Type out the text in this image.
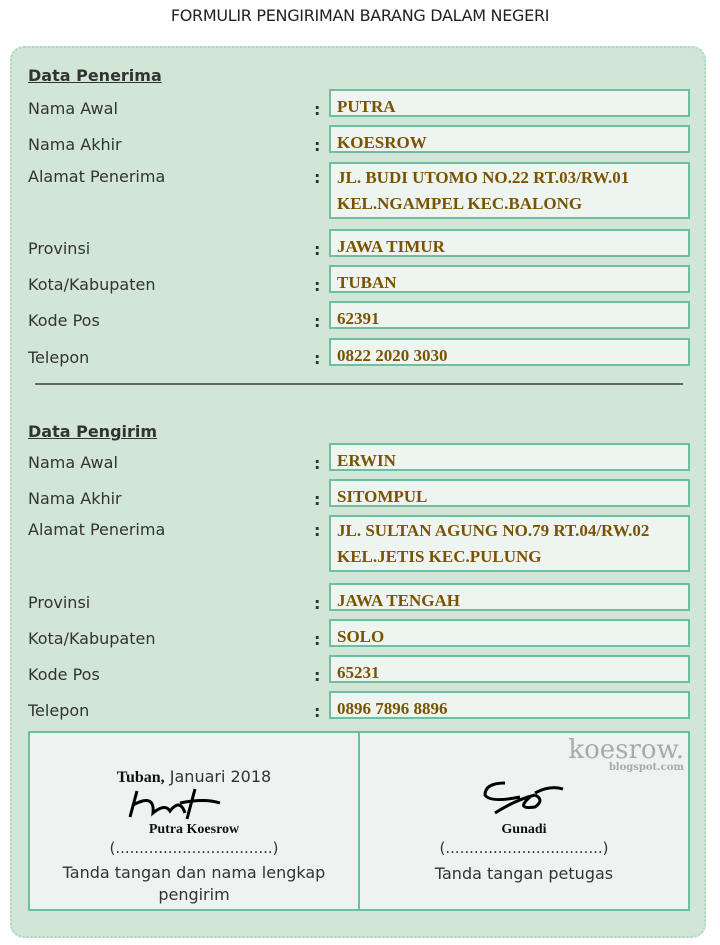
FORMULIR PENGIRIMAN BARANG DALAM NEGERI
Data Penerima
Nama Awal	: PUTRA
Nama Akhir	: KOESROW
Alamat Penerima	: JL. BUDI UTOMO NO.22 RT.03/RW.01
KEL.NGAMPEL KEC.BALONG
Provinsi	: JAWA TIMUR
Kota/Kabupaten	: TUBAN
Kode Pos	: 62391
Telepon	: 0822 2020 3030
Data Pengirim
Nama Awal	: ERWIN
Nama Akhir	: SITOMPUL
Alamat Penerima	: JL. SULTAN AGUNG NO.79 RT.04/RW.02
KEL.JETIS KEC.PULUNG
Provinsi	: JAWA TENGAH
Kota/Kabupaten	: SOLO
Kode Pos	: 65231
Telepon	: 0896 7896 8896
Tuban, Januari 2018
Putra Koesrow
(.................................)
Tanda tangan dan nama lengkap pengirim
koesrow.
blogspot.com
Gunadi
(.................................)
Tanda tangan petugas
